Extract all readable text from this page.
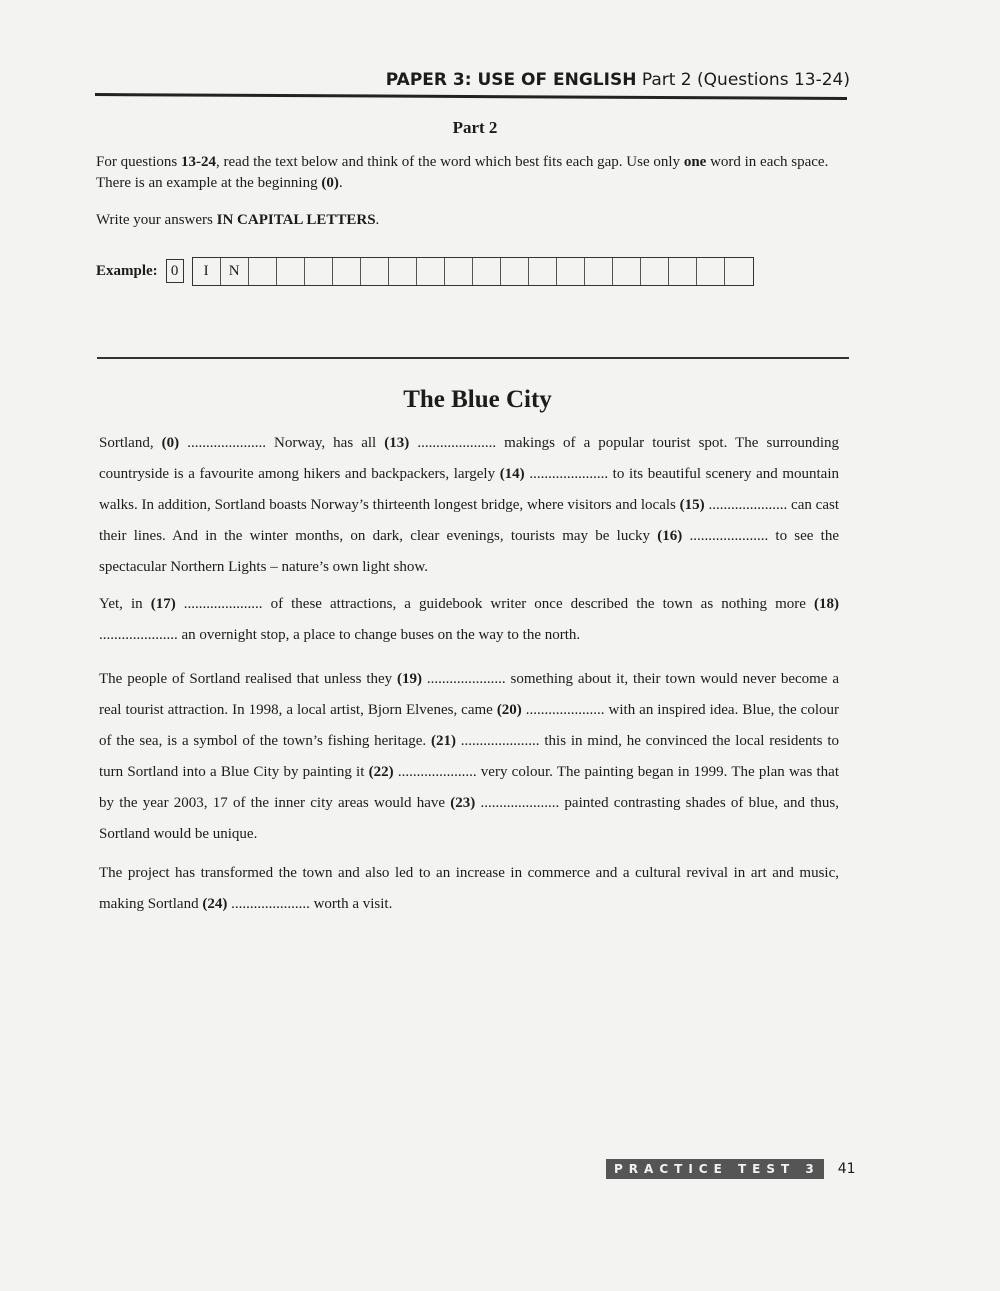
PAPER 3: USE OF ENGLISH Part 2 (Questions 13-24)
Part 2
For questions 13-24, read the text below and think of the word which best fits each gap. Use only one word in each space. There is an example at the beginning (0).
Write your answers IN CAPITAL LETTERS.
Example: 0	I	N
The Blue City
Sortland, (0) ..................... Norway, has all (13) ..................... makings of a popular tourist spot. The surrounding countryside is a favourite among hikers and backpackers, largely (14) ..................... to its beautiful scenery and mountain walks. In addition, Sortland boasts Norway’s thirteenth longest bridge, where visitors and locals (15) ..................... can cast their lines. And in the winter months, on dark, clear evenings, tourists may be lucky (16) ..................... to see the spectacular Northern Lights – nature’s own light show.
Yet, in (17) ..................... of these attractions, a guidebook writer once described the town as nothing more (18) ..................... an overnight stop, a place to change buses on the way to the north.
The people of Sortland realised that unless they (19) ..................... something about it, their town would never become a real tourist attraction. In 1998, a local artist, Bjorn Elvenes, came (20) ..................... with an inspired idea. Blue, the colour of the sea, is a symbol of the town’s fishing heritage. (21) ..................... this in mind, he convinced the local residents to turn Sortland into a Blue City by painting it (22) ..................... very colour. The painting began in 1999. The plan was that by the year 2003, 17 of the inner city areas would have (23) ..................... painted contrasting shades of blue, and thus, Sortland would be unique.
The project has transformed the town and also led to an increase in commerce and a cultural revival in art and music, making Sortland (24) ..................... worth a visit.
PRACTICE TEST 3 41
